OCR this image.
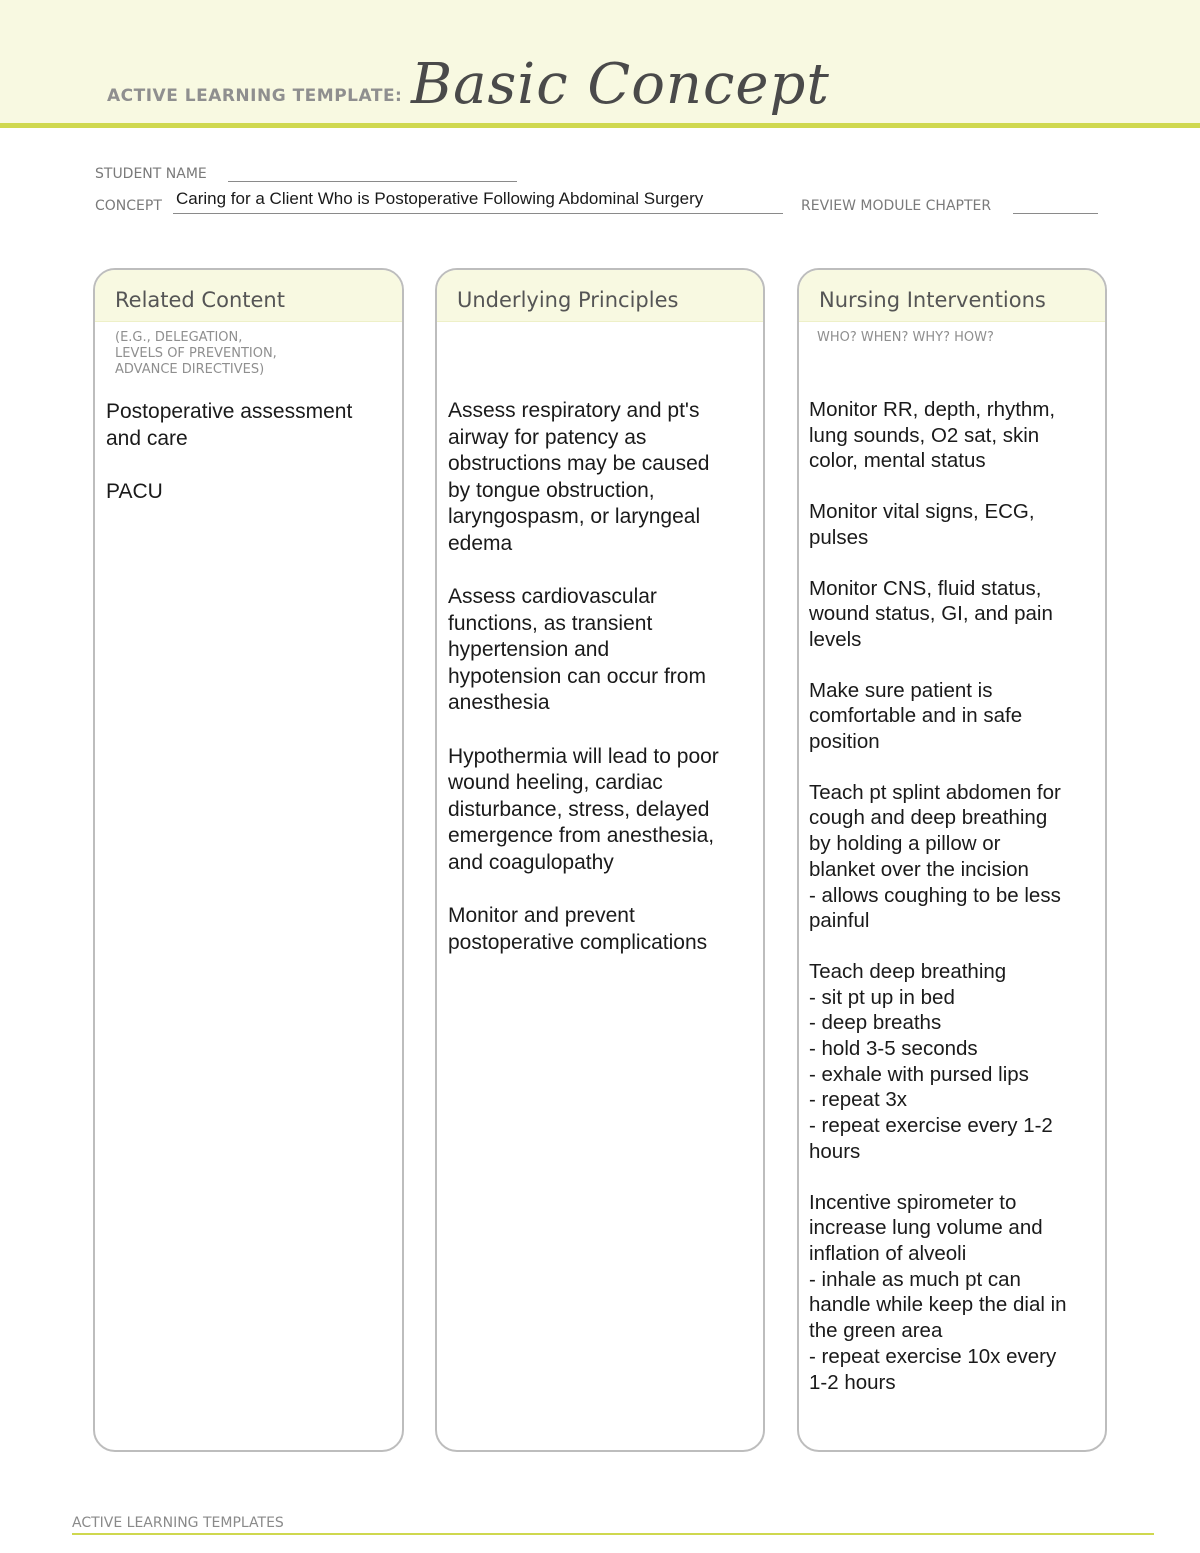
ACTIVE LEARNING TEMPLATE: Basic Concept
STUDENT NAME
CONCEPT Caring for a Client Who is Postoperative Following Abdominal Surgery	REVIEW MODULE CHAPTER
Related Content
(E.G., DELEGATION,
LEVELS OF PREVENTION,
ADVANCE DIRECTIVES)
Postoperative assessment
and care
PACU
Underlying Principles
Assess respiratory and pt's
airway for patency as
obstructions may be caused
by tongue obstruction,
laryngospasm, or laryngeal
edema
Assess cardiovascular
functions, as transient
hypertension and
hypotension can occur from
anesthesia
Hypothermia will lead to poor
wound heeling, cardiac
disturbance, stress, delayed
emergence from anesthesia,
and coagulopathy
Monitor and prevent
postoperative complications
Nursing Interventions
WHO? WHEN? WHY? HOW?
Monitor RR, depth, rhythm,
lung sounds, O2 sat, skin
color, mental status
Monitor vital signs, ECG,
pulses
Monitor CNS, fluid status,
wound status, GI, and pain
levels
Make sure patient is
comfortable and in safe
position
Teach pt splint abdomen for
cough and deep breathing
by holding a pillow or
blanket over the incision
- allows coughing to be less
painful
Teach deep breathing
- sit pt up in bed
- deep breaths
- hold 3-5 seconds
- exhale with pursed lips
- repeat 3x
- repeat exercise every 1-2
hours
Incentive spirometer to
increase lung volume and
inflation of alveoli
- inhale as much pt can
handle while keep the dial in
the green area
- repeat exercise 10x every
1-2 hours
ACTIVE LEARNING TEMPLATES
